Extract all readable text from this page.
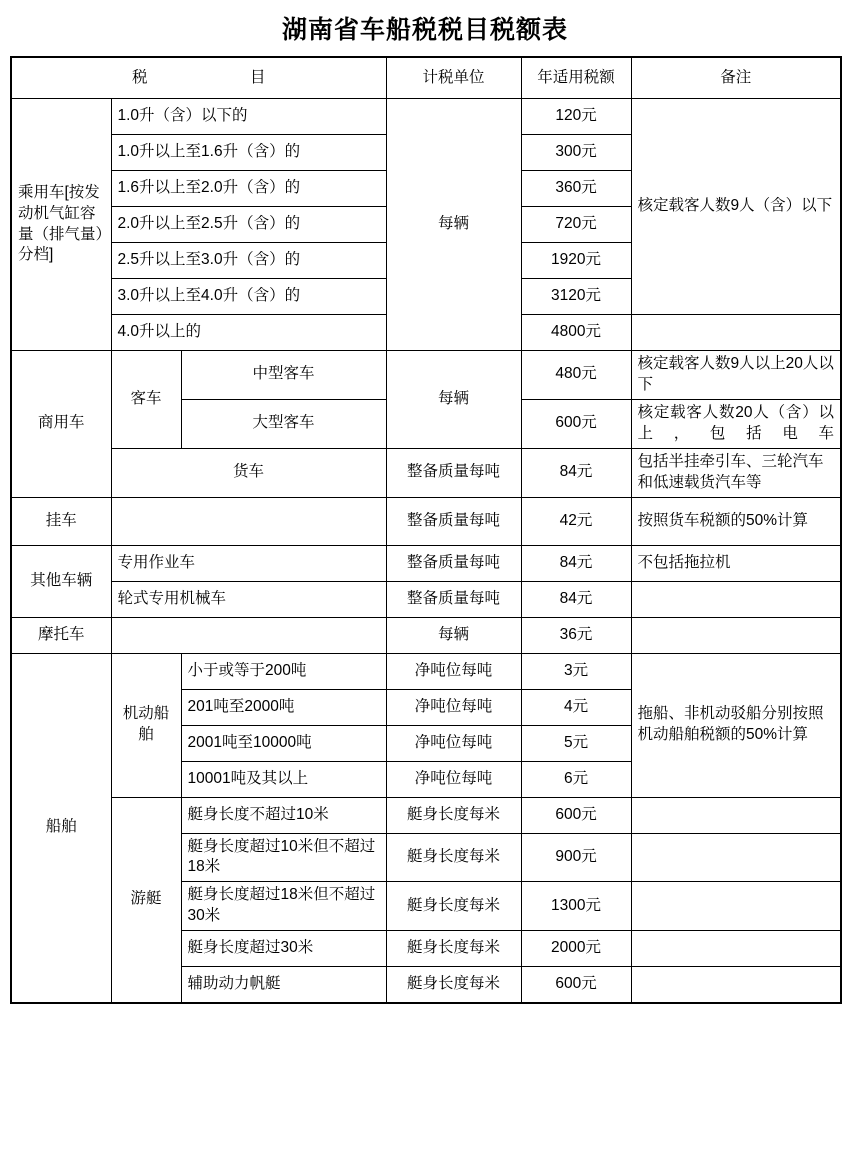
湖南省车船税税目税额表
税　　　目			计税单位	年适用税额	备注
乘用车[按发动机气缸容量（排气量）分档]	1.0升（含）以下的		每辆	120元	核定载客人数9人（含）以下
	1.0升以上至1.6升（含）的			300元	
	1.6升以上至2.0升（含）的			360元	
	2.0升以上至2.5升（含）的			720元	
	2.5升以上至3.0升（含）的			1920元	
	3.0升以上至4.0升（含）的			3120元	
	4.0升以上的			4800元	
商用车	客车	中型客车	每辆	480元	核定载客人数9人以上20人以下
		大型客车		600元	核定载客人数20人（含）以上，包括电车
	货车		整备质量每吨	84元	包括半挂牵引车、三轮汽车和低速载货汽车等
挂车			整备质量每吨	42元	按照货车税额的50%计算
其他车辆	专用作业车		整备质量每吨	84元	不包括拖拉机
	轮式专用机械车		整备质量每吨	84元	
摩托车			每辆	36元	
船舶	机动船舶	小于或等于200吨	净吨位每吨	3元	拖船、非机动驳船分别按照机动船舶税额的50%计算
		201吨至2000吨	净吨位每吨	4元	
		2001吨至10000吨	净吨位每吨	5元	
		10001吨及其以上	净吨位每吨	6元	
	游艇	艇身长度不超过10米	艇身长度每米	600元	
		艇身长度超过10米但不超过18米	艇身长度每米	900元	
		艇身长度超过18米但不超过30米	艇身长度每米	1300元	
		艇身长度超过30米	艇身长度每米	2000元	
		辅助动力帆艇	艇身长度每米	600元	
